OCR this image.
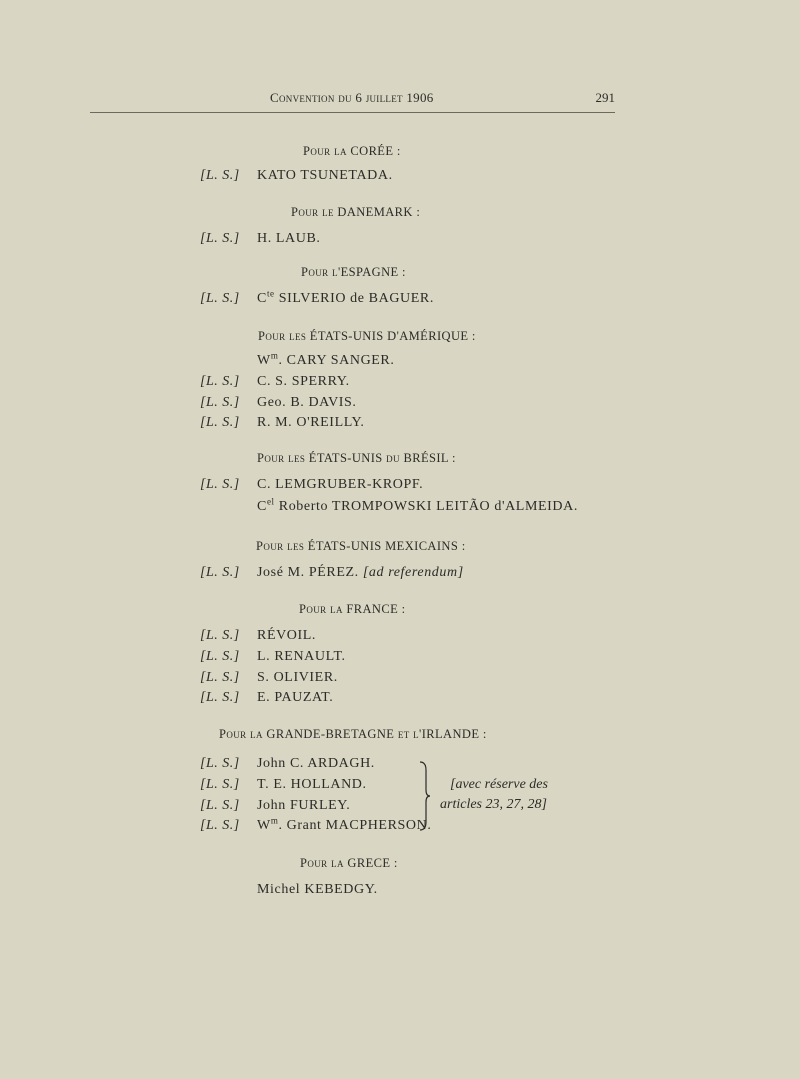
Convention du 6 juillet 1906	291
Pour la CORÉE :
[L. S.] KATO TSUNETADA.
Pour le DANEMARK :
[L. S.] H. LAUB.
Pour l'ESPAGNE :
[L. S.] $C^{te}$ SILVERIO de BAGUER.
Pour les ÉTATS-UNIS D'AMÉRIQUE :
$W^m$. CARY SANGER.
[L. S.] C. S. SPERRY.
[L. S.] Geo. B. DAVIS.
[L. S.] R. M. O'REILLY.
Pour les ÉTATS-UNIS du BRÉSIL :
[L. S.] C. LEMGRUBER-KROPF.
$C^{el}$ Roberto TROMPOWSKI LEITÃO d'ALMEIDA.
Pour les ÉTATS-UNIS MEXICAINS :
[L. S.] José M. PÉREZ. [ad referendum]
Pour la FRANCE :
[L. S.] RÉVOIL.
[L. S.] L. RENAULT.
[L. S.] S. OLIVIER.
[L. S.] E. PAUZAT.
Pour la GRANDE-BRETAGNE et l'IRLANDE :
[L. S.] John C. ARDAGH.
[L. S.] T. E. HOLLAND.
[L. S.] John FURLEY.
[L. S.] $W^m$. Grant MACPHERSON.
[avec réserve des
articles 23, 27, 28]
Pour la GRECE :
Michel KEBEDGY.
